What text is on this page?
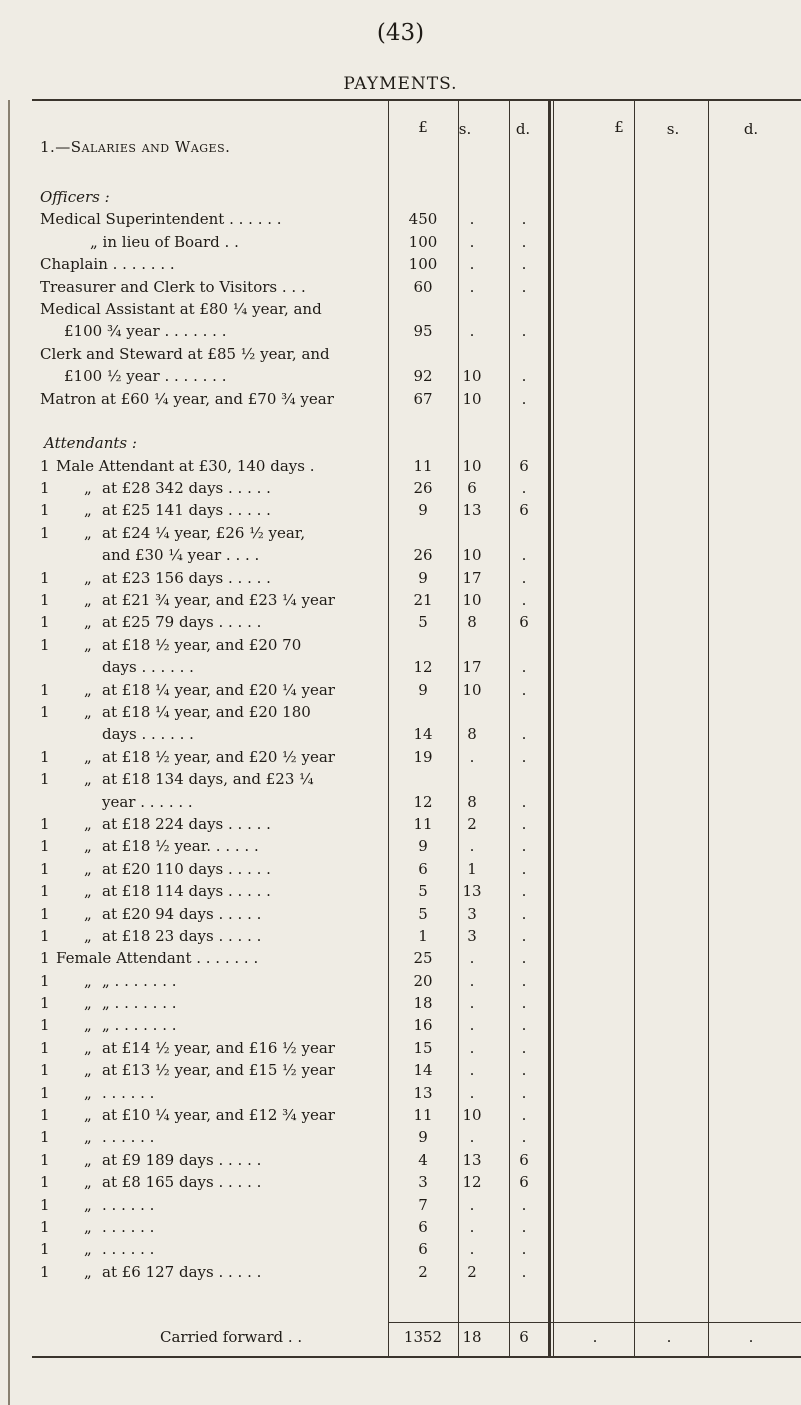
(43)
PAYMENTS.
£	s.	d.	£	s.	d.
1.—Salaries and Wages.
Officers :
Medical Superintendent . . . . . .	450	.	.
„ in lieu of Board . .	100	.	.
Chaplain . . . . . . .	100	.	.
Treasurer and Clerk to Visitors . . .	60	.	.
Medical Assistant at £80 ¼ year, and
£100 ¾ year . . . . . . .	95	.	.
Clerk and Steward at £85 ½ year, and
£100 ½ year . . . . . . .	92	10	.
Matron at £60 ¼ year, and £70 ¾ year	67	10	.
Attendants :
1 Male Attendant at £30, 140 days .	11	10	6
1 „ at £28 342 days . . . . .	26	6	.
1 „ at £25 141 days . . . . .	9	13	6
1 „ at £24 ¼ year, £26 ½ year,
and £30 ¼ year . . . .	26	10	.
1 „ at £23 156 days . . . . .	9	17	.
1 „ at £21 ¾ year, and £23 ¼ year	21	10	.
1 „ at £25 79 days . . . . .	5	8	6
1 „ at £18 ½ year, and £20 70
days . . . . . .	12	17	.
1 „ at £18 ¼ year, and £20 ¼ year	9	10	.
1 „ at £18 ¼ year, and £20 180
days . . . . . .	14	8	.
1 „ at £18 ½ year, and £20 ½ year	19	.	.
1 „ at £18 134 days, and £23 ¼
year . . . . . .	12	8	.
1 „ at £18 224 days . . . . .	11	2	.
1 „ at £18 ½ year. . . . . .	9	.	.
1 „ at £20 110 days . . . . .	6	1	.
1 „ at £18 114 days . . . . .	5	13	.
1 „ at £20 94 days . . . . .	5	3	.
1 „ at £18 23 days . . . . .	1	3	.
1 Female Attendant . . . . . . .	25	.	.
1 „ „ . . . . . . .	20	.	.
1 „ „ . . . . . . .	18	.	.
1 „ „ . . . . . . .	16	.	.
1 „ at £14 ½ year, and £16 ½ year	15	.	.
1 „ at £13 ½ year, and £15 ½ year	14	.	.
1 „ . . . . . .	13	.	.
1 „ at £10 ¼ year, and £12 ¾ year	11	10	.
1 „ . . . . . .	9	.	.
1 „ at £9 189 days . . . . .	4	13	6
1 „ at £8 165 days . . . . .	3	12	6
1 „ . . . . . .	7	.	.
1 „ . . . . . .	6	.	.
1 „ . . . . . .	6	.	.
1 „ at £6 127 days . . . . .	2	2	.
Carried forward . .	1352	18	6	.	.	.
